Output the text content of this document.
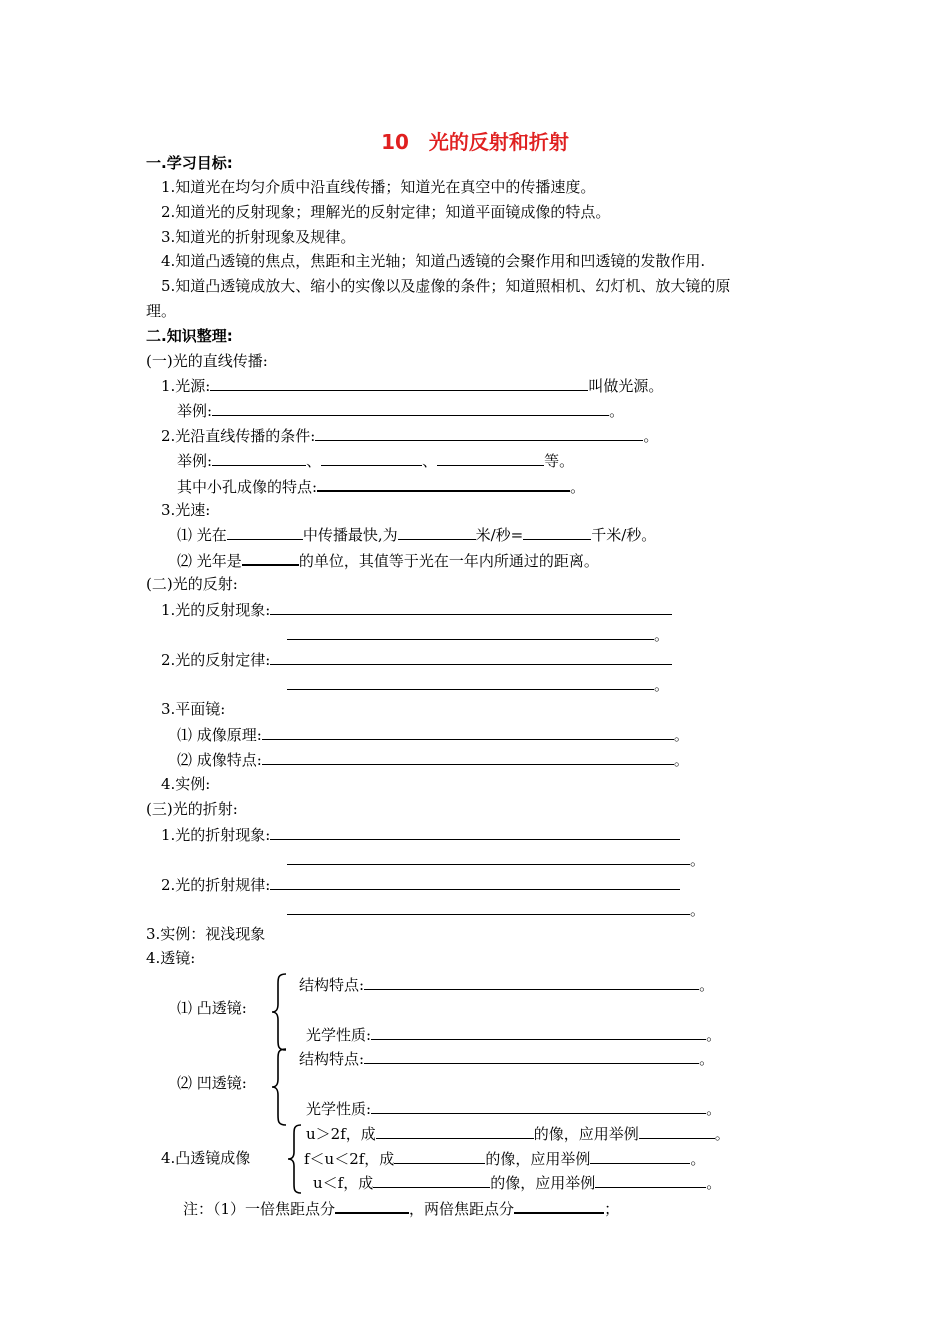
10　光的反射和折射
一.学习目标:
1.知道光在均匀介质中沿直线传播；知道光在真空中的传播速度。
2.知道光的反射现象；理解光的反射定律；知道平面镜成像的特点。
3.知道光的折射现象及规律。
4.知道凸透镜的焦点，焦距和主光轴；知道凸透镜的会聚作用和凹透镜的发散作用.
5.知道凸透镜成放大、缩小的实像以及虚像的条件；知道照相机、幻灯机、放大镜的原
理。
二.知识整理:
(一)光的直线传播:
1.光源:	叫做光源。
举例:	。
2.光沿直线传播的条件:	。
举例:	、	、	等。
其中小孔成像的特点:	。
3.光速:
⑴ 光在	中传播最快,为	米/秒=	千米/秒。
⑵ 光年是	的单位，其值等于光在一年内所通过的距离。
(二)光的反射:
1.光的反射现象:
。
2.光的反射定律:
。
3.平面镜:
⑴ 成像原理:	。
⑵ 成像特点:	。
4.实例:
(三)光的折射:
1.光的折射现象:
。
2.光的折射规律:
。
3.实例：视浅现象
4.透镜:
⑴ 凸透镜:
结构特点:	。
光学性质:	。
⑵ 凹透镜:
结构特点:	。
光学性质:	。
4.凸透镜成像
u＞2f，成	的像，应用举例	。
f＜u＜2f，成	的像，应用举例	。
u＜f，成	的像，应用举例	。
注：（1）一倍焦距点分	，两倍焦距点分	；
